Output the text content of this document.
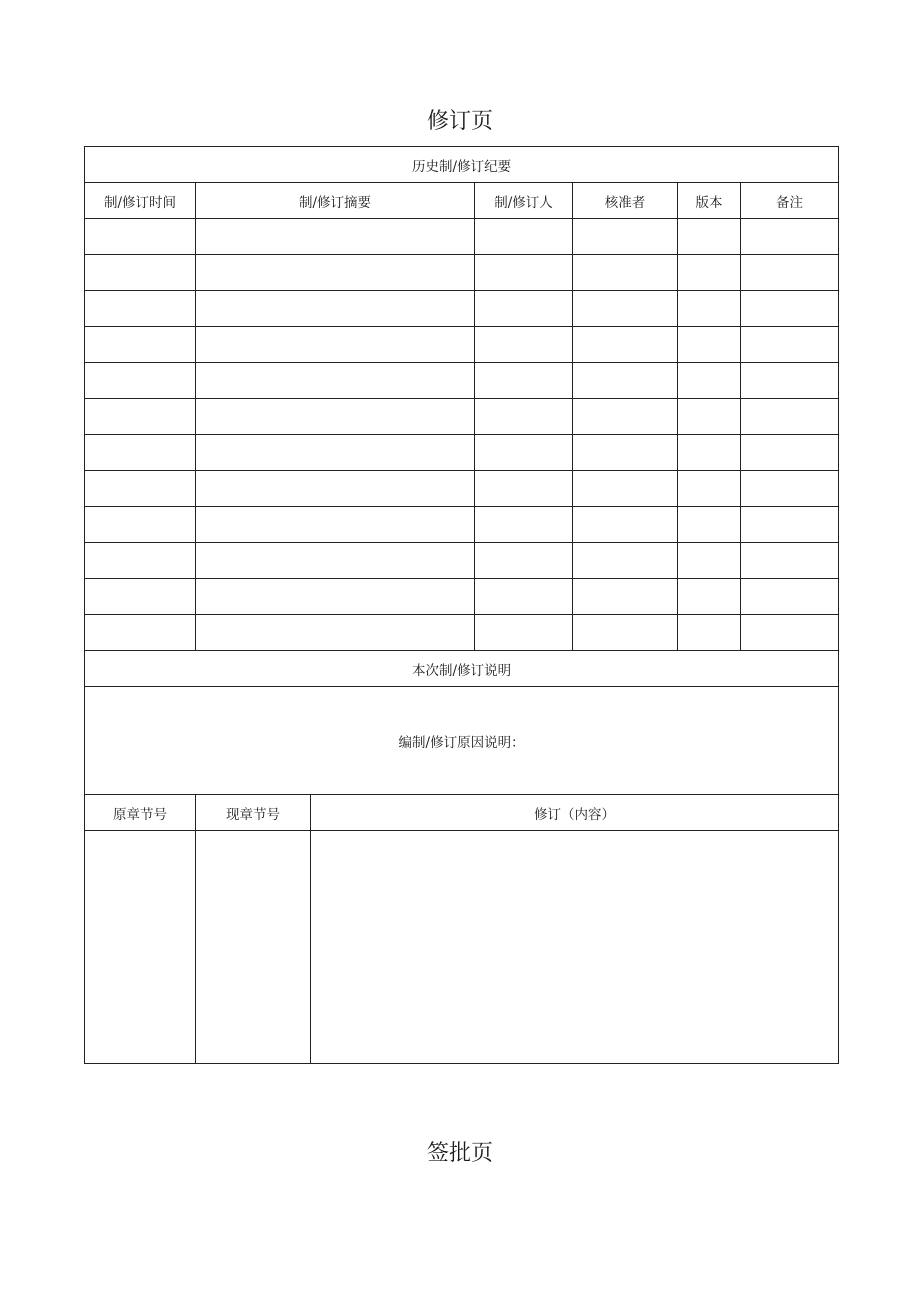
修订页
历史制/修订纪要						
制/修订时间	制/修订摘要		制/修订人	核准者	版本	备注

本次制/修订说明						
编制/修订原因说明：						
原章节号	现章节号	修订（内容）				

签批页
